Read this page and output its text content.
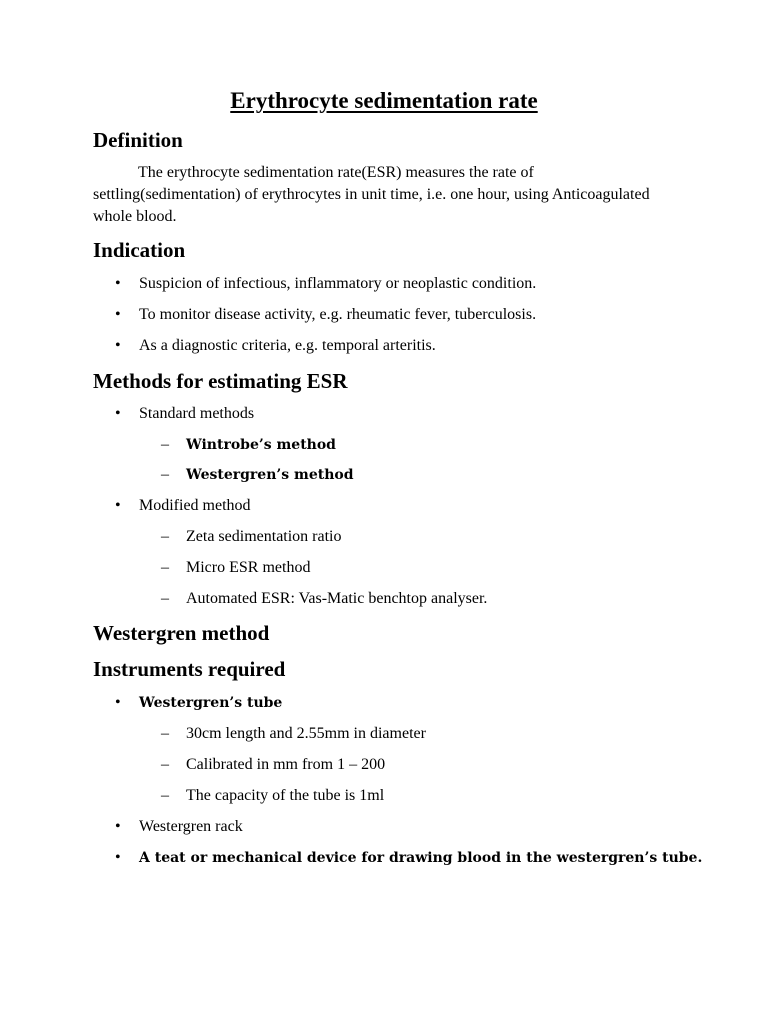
Erythrocyte sedimentation rate
Definition

The erythrocyte sedimentation rate(ESR) measures the rate of settling(sedimentation) of erythrocytes in unit time, i.e. one hour, using Anticoagulated whole blood.

Indication

• Suspicion of infectious, inflammatory or neoplastic condition.

• To monitor disease activity, e.g. rheumatic fever, tuberculosis.

• As a diagnostic criteria, e.g. temporal arteritis.

Methods for estimating ESR

• Standard methods

– Wintrobe’s method

– Westergren’s method

• Modified method

– Zeta sedimentation ratio

– Micro ESR method

– Automated ESR: Vas-Matic benchtop analyser.

Westergren method
Instruments required

• Westergren’s tube

– 30cm length and 2.55mm in diameter

– Calibrated in mm from 1 – 200

– The capacity of the tube is 1ml

• Westergren rack

• A teat or mechanical device for drawing blood in the westergren’s tube.
